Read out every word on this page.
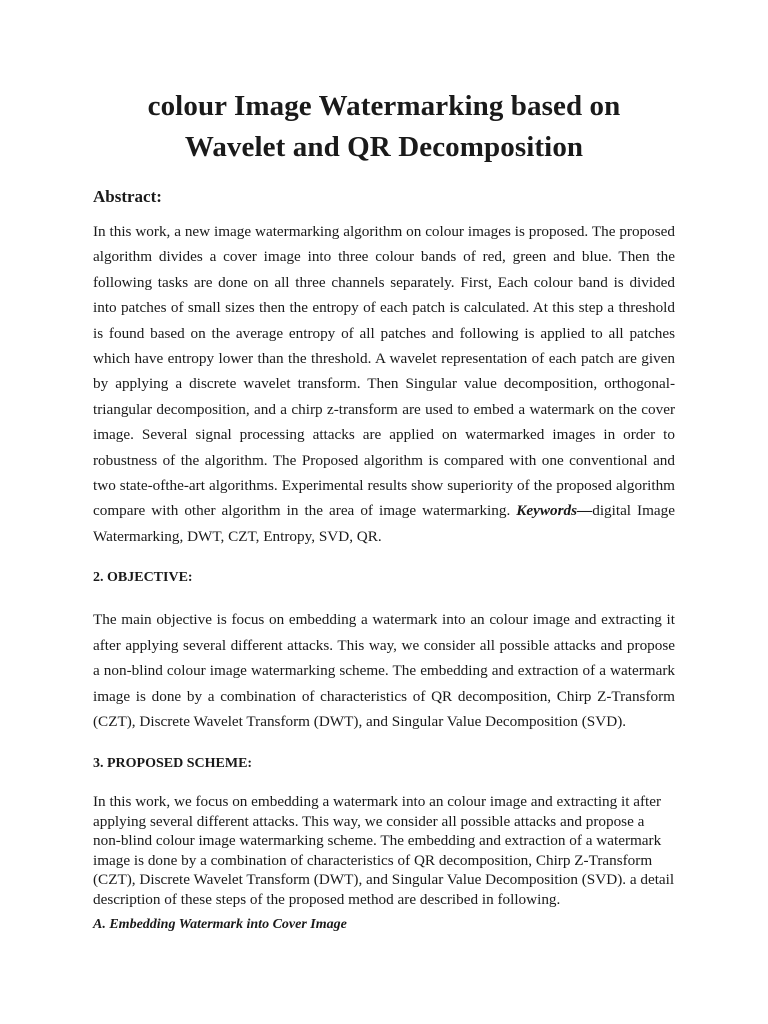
colour Image Watermarking based on
Wavelet and QR Decomposition
Abstract:

In this work, a new image watermarking algorithm on colour images is proposed. The proposed algorithm divides a cover image into three colour bands of red, green and blue. Then the following tasks are done on all three channels separately. First, Each colour band is divided into patches of small sizes then the entropy of each patch is calculated. At this step a threshold is found based on the average entropy of all patches and following is applied to all patches which have entropy lower than the threshold. A wavelet representation of each patch are given by applying a discrete wavelet transform. Then Singular value decomposition, orthogonal-triangular decomposition, and a chirp z-transform are used to embed a watermark on the cover image. Several signal processing attacks are applied on watermarked images in order to robustness of the algorithm. The Proposed algorithm is compared with one conventional and two state-ofthe-art algorithms. Experimental results show superiority of the proposed algorithm compare with other algorithm in the area of image watermarking. Keywords—digital Image Watermarking, DWT, CZT, Entropy, SVD, QR.

2. OBJECTIVE:

The main objective is focus on embedding a watermark into an colour image and extracting it after applying several different attacks. This way, we consider all possible attacks and propose a non-blind colour image watermarking scheme. The embedding and extraction of a watermark image is done by a combination of characteristics of QR decomposition, Chirp Z-Transform (CZT), Discrete Wavelet Transform (DWT), and Singular Value Decomposition (SVD).

3. PROPOSED SCHEME:

In this work, we focus on embedding a watermark into an colour image and extracting it after applying several different attacks. This way, we consider all possible attacks and propose a non-blind colour image watermarking scheme. The embedding and extraction of a watermark image is done by a combination of characteristics of QR decomposition, Chirp Z-Transform (CZT), Discrete Wavelet Transform (DWT), and Singular Value Decomposition (SVD). a detail description of these steps of the proposed method are described in following.

A. Embedding Watermark into Cover Image
